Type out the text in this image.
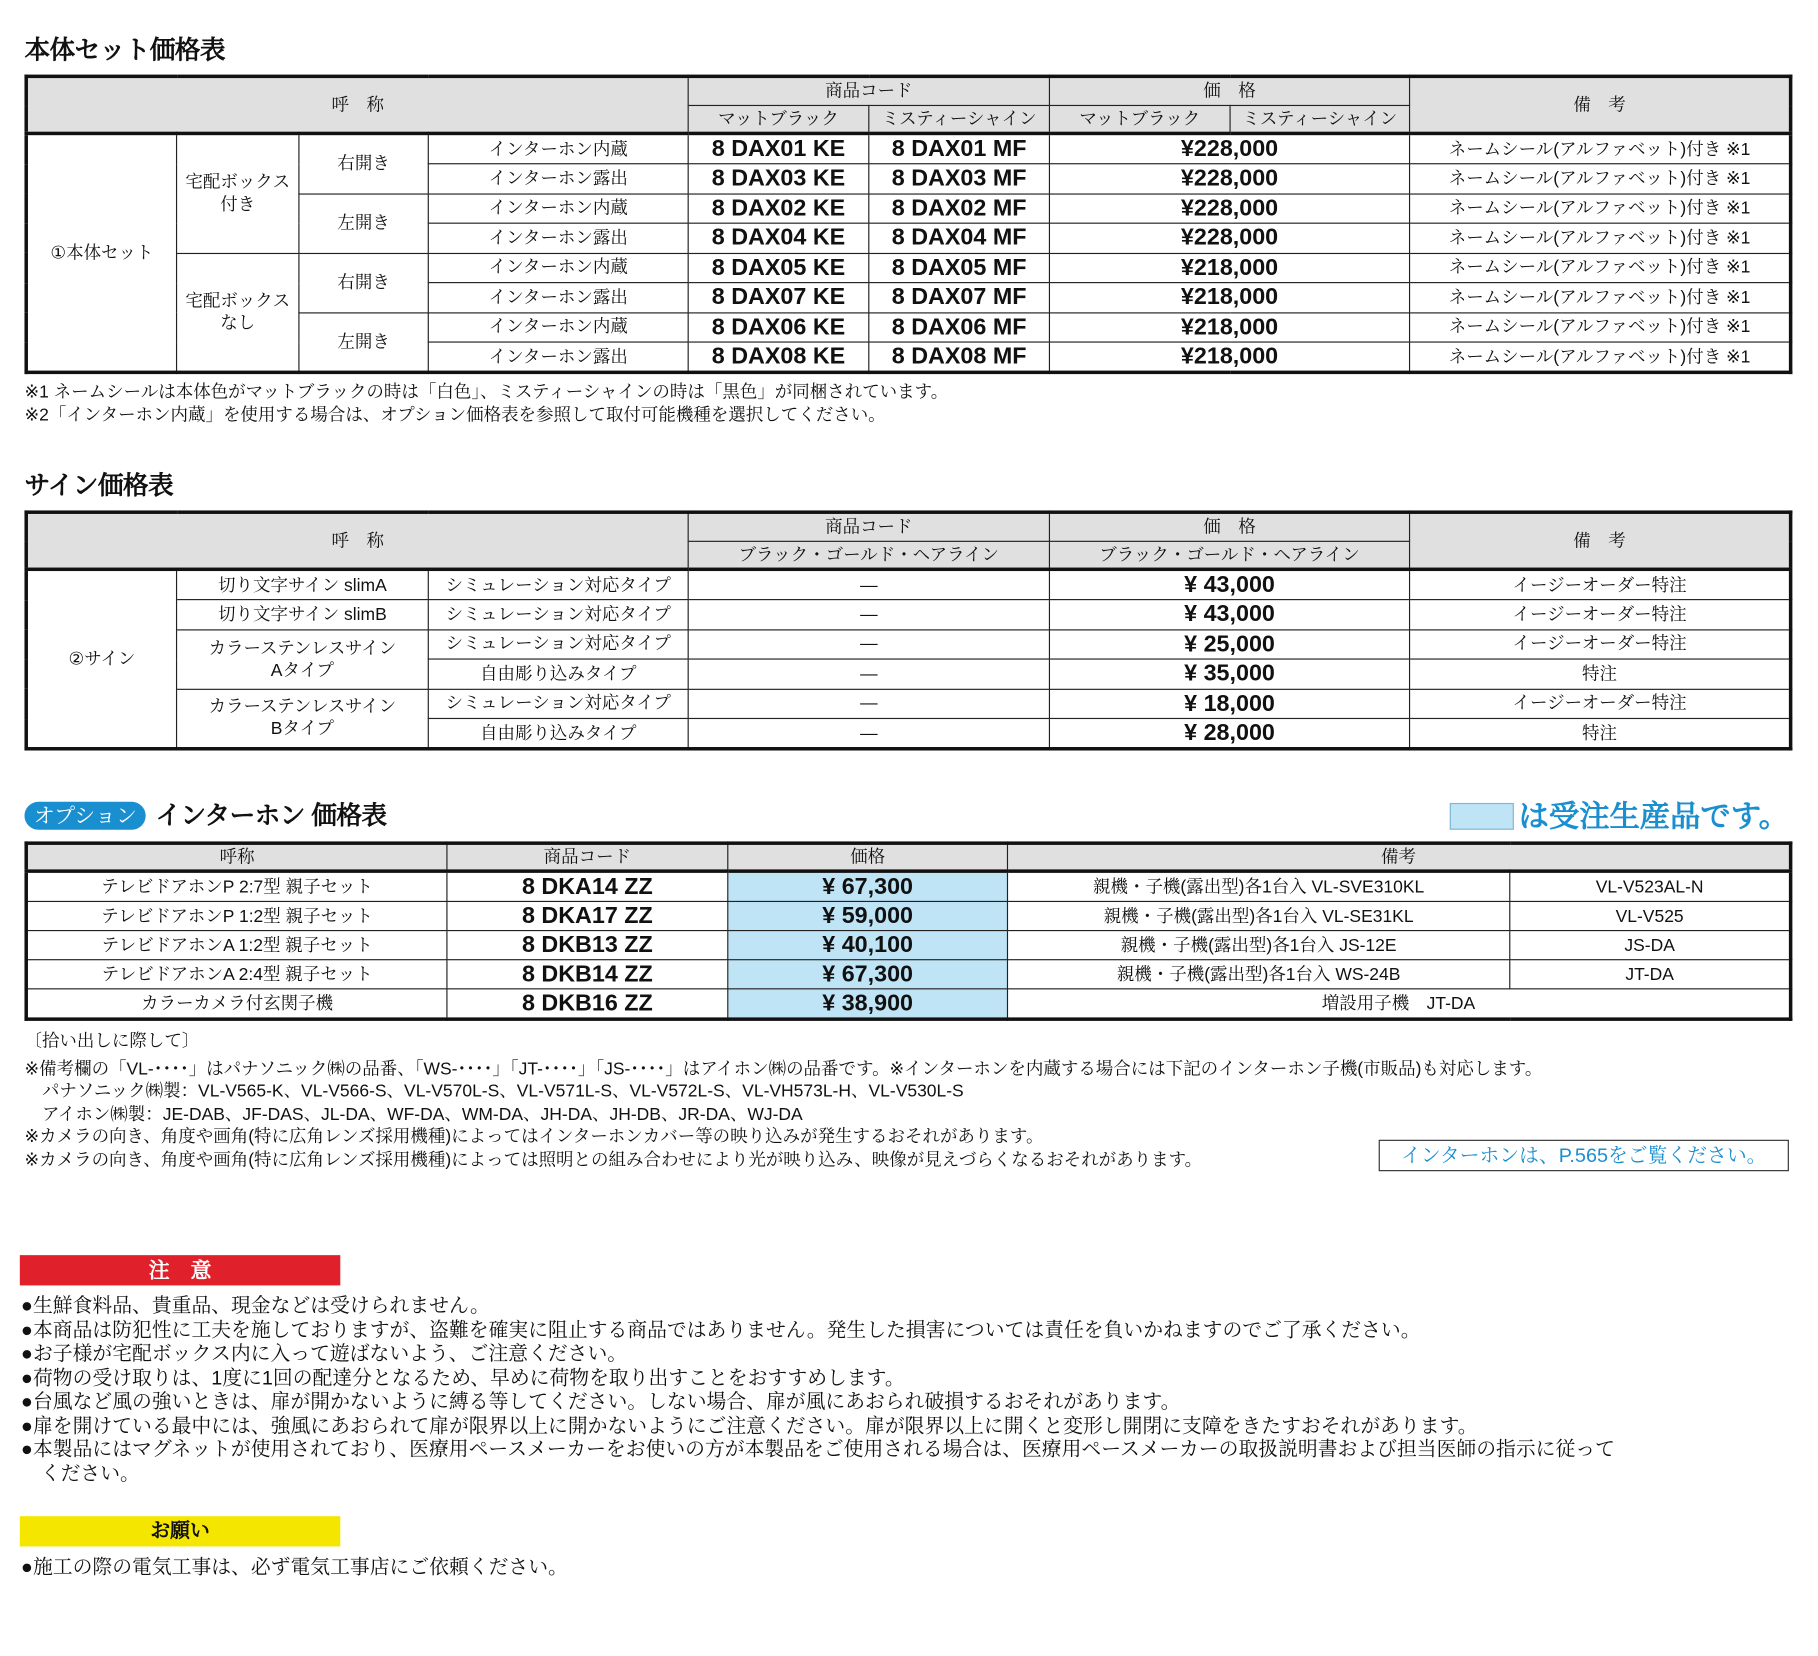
本体セット価格表
呼　称				商品コード		価　格		備　考
				マットブラック	ミスティーシャイン	マットブラック	ミスティーシャイン	
①本体セット	宅配ボックス
付き	右開き	インターホン内蔵	8 DAX01 KE	8 DAX01 MF	¥228,000		ネームシール(アルファベット)付き ※1
			インターホン露出	8 DAX03 KE	8 DAX03 MF	¥228,000		ネームシール(アルファベット)付き ※1
		左開き	インターホン内蔵	8 DAX02 KE	8 DAX02 MF	¥228,000		ネームシール(アルファベット)付き ※1
			インターホン露出	8 DAX04 KE	8 DAX04 MF	¥228,000		ネームシール(アルファベット)付き ※1
	宅配ボックス
なし	右開き	インターホン内蔵	8 DAX05 KE	8 DAX05 MF	¥218,000		ネームシール(アルファベット)付き ※1
			インターホン露出	8 DAX07 KE	8 DAX07 MF	¥218,000		ネームシール(アルファベット)付き ※1
		左開き	インターホン内蔵	8 DAX06 KE	8 DAX06 MF	¥218,000		ネームシール(アルファベット)付き ※1
			インターホン露出	8 DAX08 KE	8 DAX08 MF	¥218,000		ネームシール(アルファベット)付き ※1
※1 ネームシールは本体色がマットブラックの時は「白色」、ミスティーシャインの時は「黒色」が同梱されています。
※2「インターホン内蔵」を使用する場合は、オプション価格表を参照して取付可能機種を選択してください。
サイン価格表
呼　称			商品コード	価　格	備　考
			ブラック・ゴールド・ヘアライン	ブラック・ゴールド・ヘアライン	
②サイン	切り文字サイン slimA	シミュレーション対応タイプ	—	¥ 43,000	イージーオーダー特注
	切り文字サイン slimB	シミュレーション対応タイプ	—	¥ 43,000	イージーオーダー特注
	カラーステンレスサイン
Aタイプ	シミュレーション対応タイプ	—	¥ 25,000	イージーオーダー特注
		自由彫り込みタイプ	—	¥ 35,000	特注
	カラーステンレスサイン
Bタイプ	シミュレーション対応タイプ	—	¥ 18,000	イージーオーダー特注
		自由彫り込みタイプ	—	¥ 28,000	特注
オプション インターホン 価格表	は受注生産品です。
呼称	商品コード	価格	備考	
テレビドアホンP 2:7型 親子セット	8 DKA14 ZZ	¥ 67,300	親機・子機(露出型)各1台入 VL-SVE310KL	VL-V523AL-N
テレビドアホンP 1:2型 親子セット	8 DKA17 ZZ	¥ 59,000	親機・子機(露出型)各1台入 VL-SE31KL	VL-V525
テレビドアホンA 1:2型 親子セット	8 DKB13 ZZ	¥ 40,100	親機・子機(露出型)各1台入 JS-12E	JS-DA
テレビドアホンA 2:4型 親子セット	8 DKB14 ZZ	¥ 67,300	親機・子機(露出型)各1台入 WS-24B	JT-DA
カラーカメラ付玄関子機	8 DKB16 ZZ	¥ 38,900	増設用子機　JT-DA	
〔拾い出しに際して〕
※備考欄の「VL-････」はパナソニック㈱の品番、「WS-････」「JT-････」「JS-････」はアイホン㈱の品番です。※インターホンを内蔵する場合には下記のインターホン子機(市販品)も対応します。
　パナソニック㈱製：VL-V565-K、VL-V566-S、VL-V570L-S、VL-V571L-S、VL-V572L-S、VL-VH573L-H、VL-V530L-S
　アイホン㈱製：JE-DAB、JF-DAS、JL-DA、WF-DA、WM-DA、JH-DA、JH-DB、JR-DA、WJ-DA
※カメラの向き、角度や画角(特に広角レンズ採用機種)によってはインターホンカバー等の映り込みが発生するおそれがあります。
※カメラの向き、角度や画角(特に広角レンズ採用機種)によっては照明との組み合わせにより光が映り込み、映像が見えづらくなるおそれがあります。	インターホンは、P.565をご覧ください。
注　意
●生鮮食料品、貴重品、現金などは受けられません。
●本商品は防犯性に工夫を施しておりますが、盗難を確実に阻止する商品ではありません。発生した損害については責任を負いかねますのでご了承ください。
●お子様が宅配ボックス内に入って遊ばないよう、ご注意ください。
●荷物の受け取りは、1度に1回の配達分となるため、早めに荷物を取り出すことをおすすめします。
●台風など風の強いときは、扉が開かないように縛る等してください。しない場合、扉が風にあおられ破損するおそれがあります。
●扉を開けている最中には、強風にあおられて扉が限界以上に開かないようにご注意ください。扉が限界以上に開くと変形し開閉に支障をきたすおそれがあります。
●本製品にはマグネットが使用されており、医療用ペースメーカーをお使いの方が本製品をご使用される場合は、医療用ペースメーカーの取扱説明書および担当医師の指示に従って
　ください。
お願い
●施工の際の電気工事は、必ず電気工事店にご依頼ください。
